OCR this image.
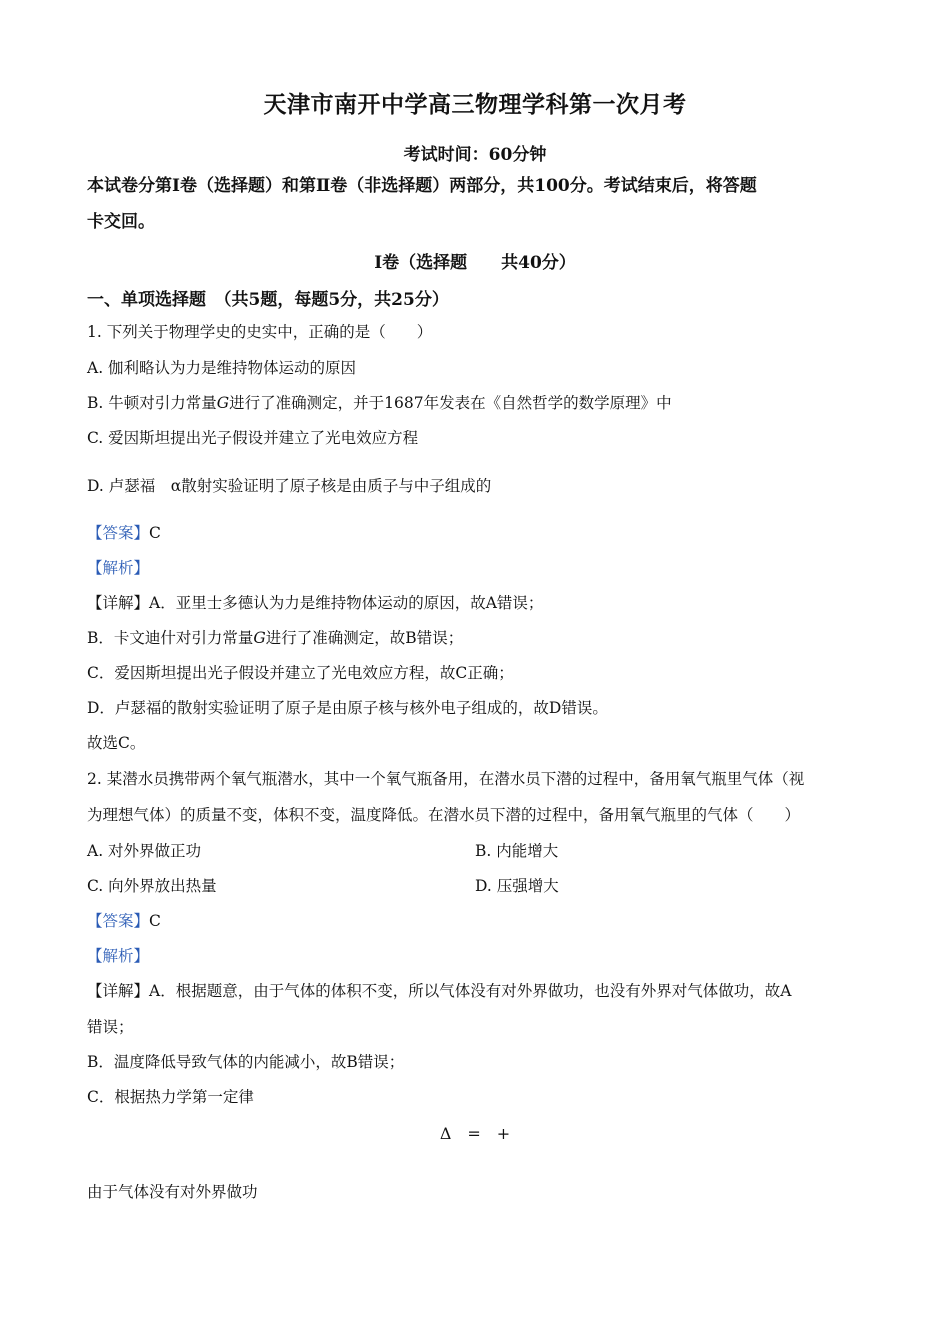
天津市南开中学高三物理学科第一次月考
考试时间：60分钟
本试卷分第Ⅰ卷（选择题）和第Ⅱ卷（非选择题）两部分，共100分。考试结束后，将答题
卡交回。
Ⅰ卷（选择题　　共40分）
一、单项选择题　（共5题，每题5分，共25分）
1. 下列关于物理学史的史实中，正确的是（　　）
A. 伽利略认为力是维持物体运动的原因
B. 牛顿对引力常量G进行了准确测定，并于1687年发表在《自然哲学的数学原理》中
C. 爱因斯坦提出光子假设并建立了光电效应方程
D. 卢瑟福　α散射实验证明了原子核是由质子与中子组成的
【答案】C
【解析】
【详解】A．亚里士多德认为力是维持物体运动的原因，故A错误；
B．卡文迪什对引力常量G进行了准确测定，故B错误；
C．爱因斯坦提出光子假设并建立了光电效应方程，故C正确；
D．卢瑟福的散射实验证明了原子是由原子核与核外电子组成的，故D错误。
故选C。
2. 某潜水员携带两个氧气瓶潜水，其中一个氧气瓶备用，在潜水员下潜的过程中，备用氧气瓶里气体（视
为理想气体）的质量不变，体积不变，温度降低。在潜水员下潜的过程中，备用氧气瓶里的气体（　　）
A. 对外界做正功	B. 内能增大
C. 向外界放出热量	D. 压强增大
【答案】C
【解析】
【详解】A．根据题意，由于气体的体积不变，所以气体没有对外界做功，也没有外界对气体做功，故A
错误；
B．温度降低导致气体的内能减小，故B错误；
C．根据热力学第一定律
Δ　=　+
由于气体没有对外界做功
